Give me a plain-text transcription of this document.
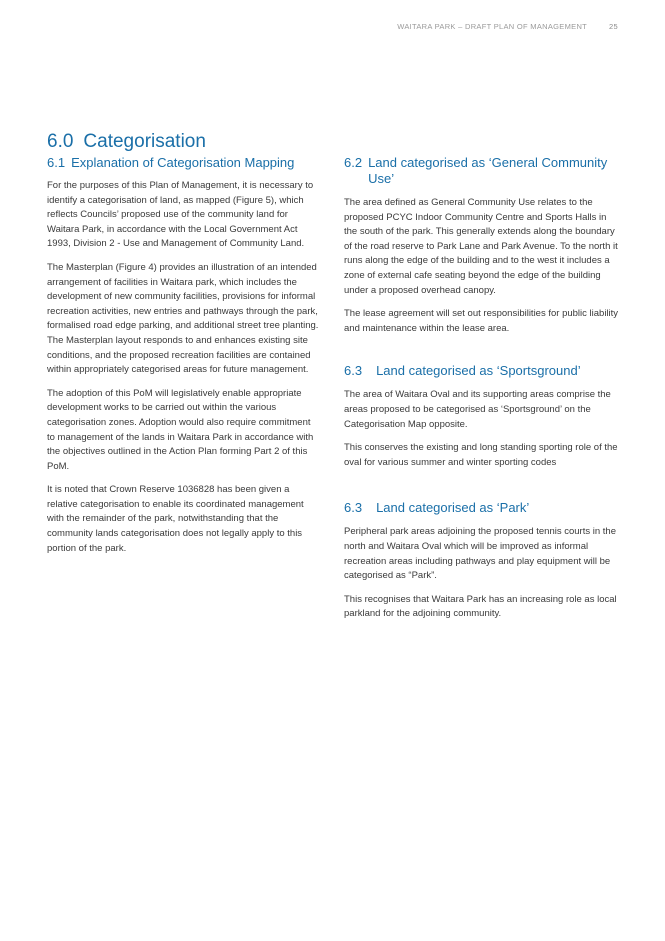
WAITARA PARK – DRAFT PLAN OF MANAGEMENT	25
6.0 Categorisation
6.1 Explanation of Categorisation Mapping

For the purposes of this Plan of Management, it is necessary to identify a categorisation of land, as mapped (Figure 5), which reflects Councils’ proposed use of the community land for Waitara Park, in accordance with the Local Government Act 1993, Division 2 - Use and Management of Community Land.

The Masterplan (Figure 4) provides an illustration of an intended arrangement of facilities in Waitara park, which includes the development of new community facilities, provisions for informal recreation activities, new entries and pathways through the park, formalised road edge parking, and additional street tree planting. The Masterplan layout responds to and enhances existing site conditions, and the proposed recreation facilities are contained within appropriately categorised areas for future management.

The adoption of this PoM will legislatively enable appropriate development works to be carried out within the various categorisation zones. Adoption would also require commitment to management of the lands in Waitara Park in accordance with the objectives outlined in the Action Plan forming Part 2 of this PoM.

It is noted that Crown Reserve 1036828 has been given a relative categorisation to enable its coordinated management with the remainder of the park, notwithstanding that the community lands categorisation does not legally apply to this portion of the park.

6.2 Land categorised as ‘General Community Use’

The area defined as General Community Use relates to the proposed PCYC Indoor Community Centre and Sports Halls in the south of the park. This generally extends along the boundary of the road reserve to Park Lane and Park Avenue. To the north it runs along the edge of the building and to the west it includes a zone of external cafe seating beyond the edge of the building under a proposed overhead canopy.

The lease agreement will set out responsibilities for public liability and maintenance within the lease area.

6.3 Land categorised as ‘Sportsground’

The area of Waitara Oval and its supporting areas comprise the areas proposed to be categorised as ‘Sportsground’ on the Categorisation Map opposite.

This conserves the existing and long standing sporting role of the oval for various summer and winter sporting codes

6.3 Land categorised as ‘Park’

Peripheral park areas adjoining the proposed tennis courts in the north and Waitara Oval which will be improved as informal recreation areas including pathways and play equipment will be categorised as “Park”.

This recognises that Waitara Park has an increasing role as local parkland for the adjoining community.
